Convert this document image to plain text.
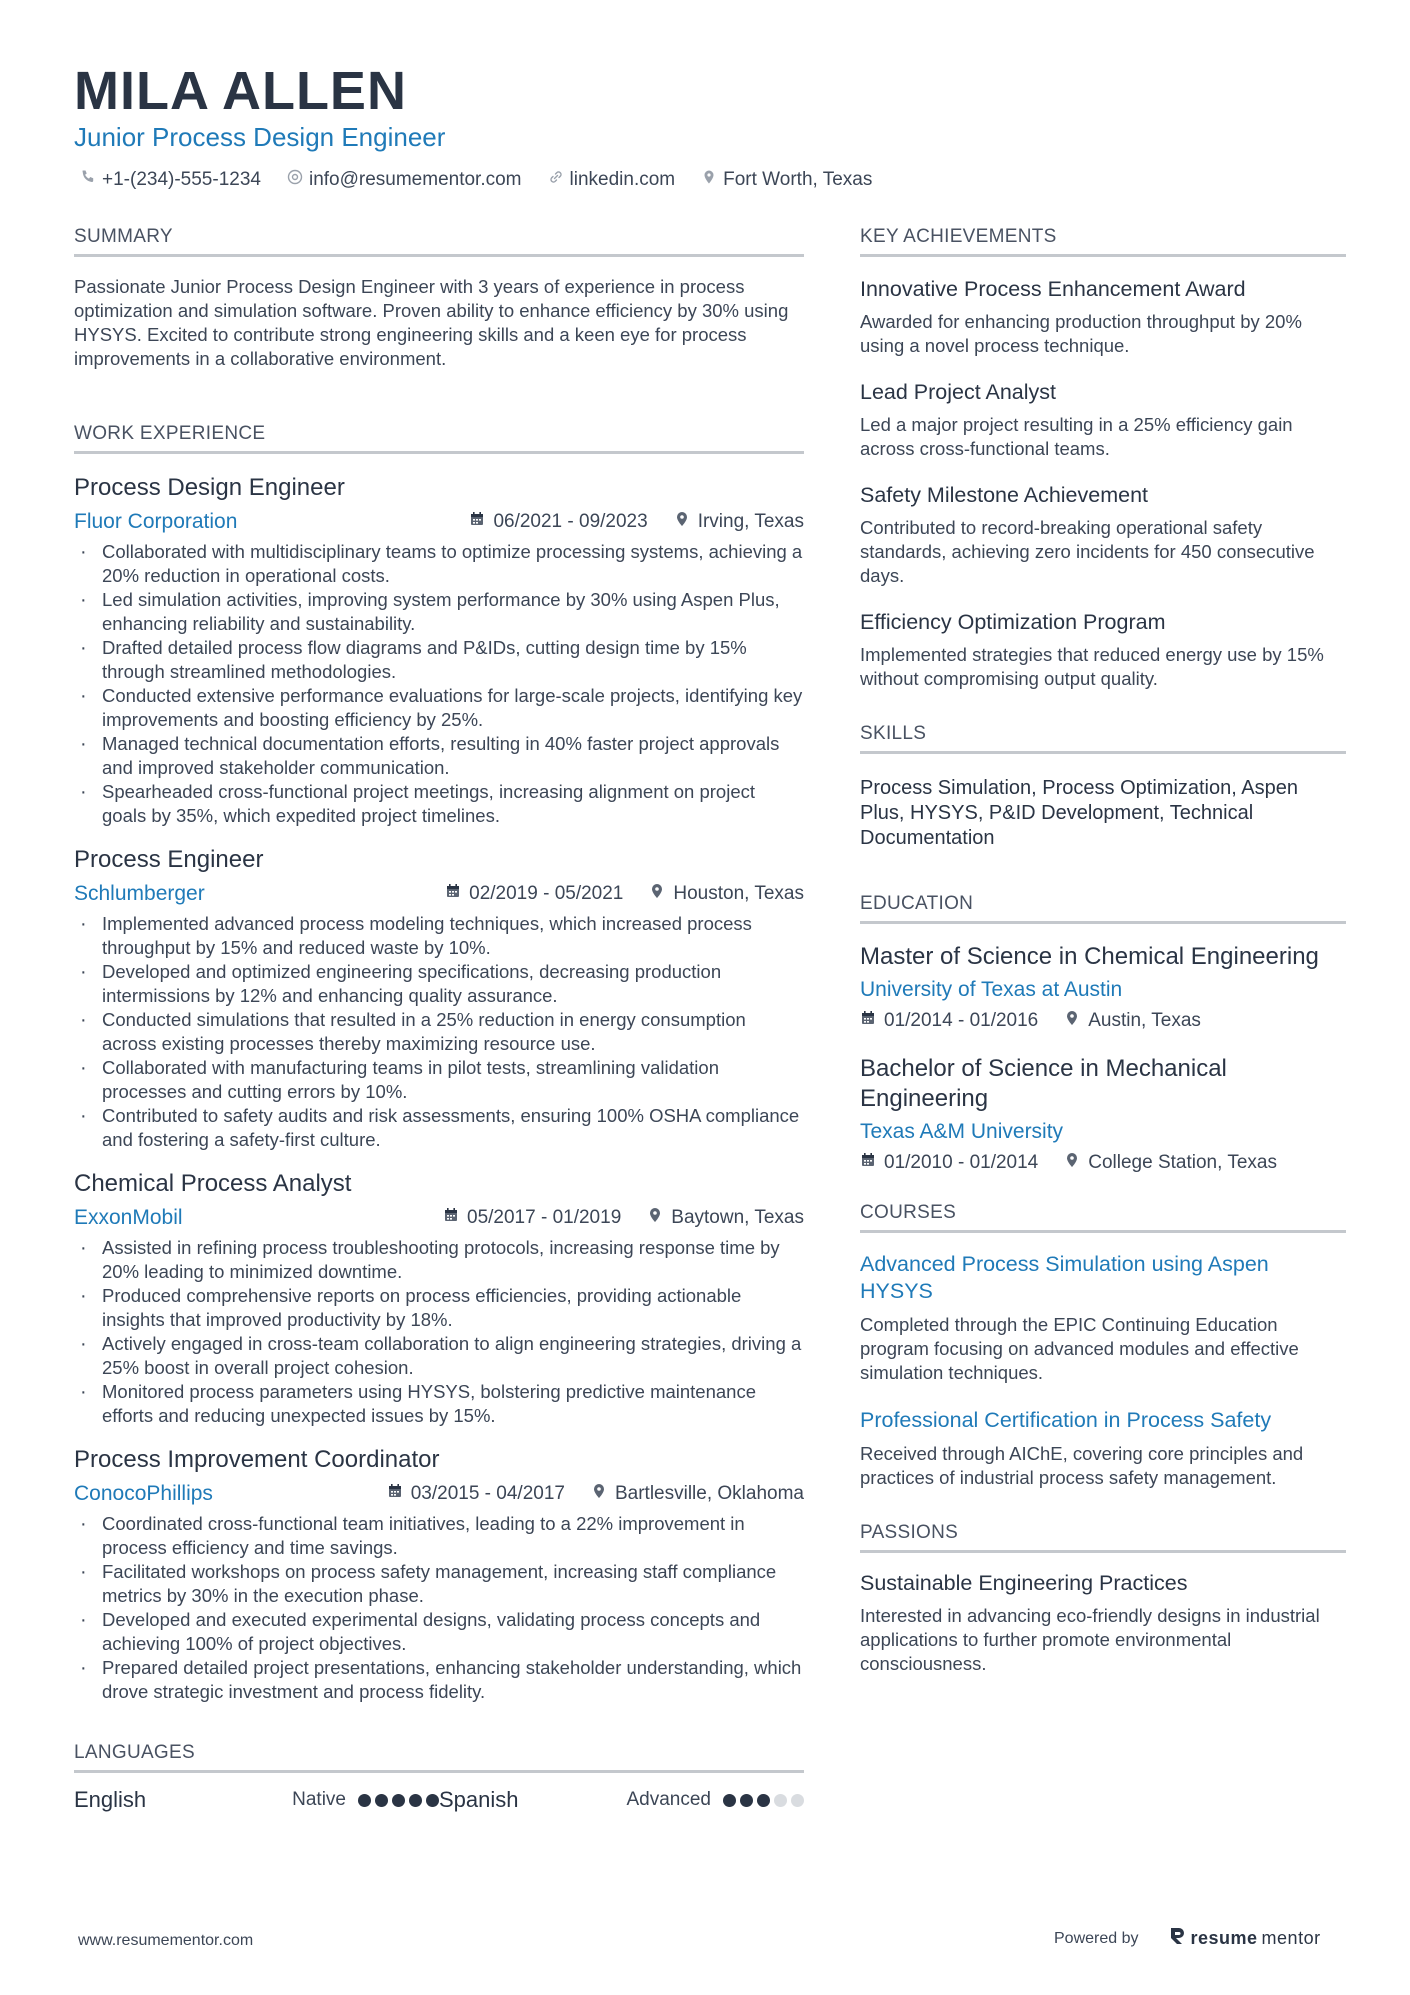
MILA ALLEN
Junior Process Design Engineer
+1-(234)-555-1234	info@resumementor.com	linkedin.com	Fort Worth, Texas
SUMMARY
Passionate Junior Process Design Engineer with 3 years of experience in process optimization and simulation software. Proven ability to enhance efficiency by 30% using HYSYS. Excited to contribute strong engineering skills and a keen eye for process improvements in a collaborative environment.
WORK EXPERIENCE
Process Design Engineer
Fluor Corporation	06/2021 - 09/2023	Irving, Texas
· Collaborated with multidisciplinary teams to optimize processing systems, achieving a 20% reduction in operational costs.
· Led simulation activities, improving system performance by 30% using Aspen Plus, enhancing reliability and sustainability.
· Drafted detailed process flow diagrams and P&IDs, cutting design time by 15% through streamlined methodologies.
· Conducted extensive performance evaluations for large-scale projects, identifying key improvements and boosting efficiency by 25%.
· Managed technical documentation efforts, resulting in 40% faster project approvals and improved stakeholder communication.
· Spearheaded cross-functional project meetings, increasing alignment on project goals by 35%, which expedited project timelines.
Process Engineer
Schlumberger	02/2019 - 05/2021	Houston, Texas
· Implemented advanced process modeling techniques, which increased process throughput by 15% and reduced waste by 10%.
· Developed and optimized engineering specifications, decreasing production intermissions by 12% and enhancing quality assurance.
· Conducted simulations that resulted in a 25% reduction in energy consumption across existing processes thereby maximizing resource use.
· Collaborated with manufacturing teams in pilot tests, streamlining validation processes and cutting errors by 10%.
· Contributed to safety audits and risk assessments, ensuring 100% OSHA compliance and fostering a safety-first culture.
Chemical Process Analyst
ExxonMobil	05/2017 - 01/2019	Baytown, Texas
· Assisted in refining process troubleshooting protocols, increasing response time by 20% leading to minimized downtime.
· Produced comprehensive reports on process efficiencies, providing actionable insights that improved productivity by 18%.
· Actively engaged in cross-team collaboration to align engineering strategies, driving a 25% boost in overall project cohesion.
· Monitored process parameters using HYSYS, bolstering predictive maintenance efforts and reducing unexpected issues by 15%.
Process Improvement Coordinator
ConocoPhillips	03/2015 - 04/2017	Bartlesville, Oklahoma
· Coordinated cross-functional team initiatives, leading to a 22% improvement in process efficiency and time savings.
· Facilitated workshops on process safety management, increasing staff compliance metrics by 30% in the execution phase.
· Developed and executed experimental designs, validating process concepts and achieving 100% of project objectives.
· Prepared detailed project presentations, enhancing stakeholder understanding, which drove strategic investment and process fidelity.
LANGUAGES
English	Native	Spanish	Advanced
KEY ACHIEVEMENTS
Innovative Process Enhancement Award
Awarded for enhancing production throughput by 20% using a novel process technique.
Lead Project Analyst
Led a major project resulting in a 25% efficiency gain across cross-functional teams.
Safety Milestone Achievement
Contributed to record-breaking operational safety standards, achieving zero incidents for 450 consecutive days.
Efficiency Optimization Program
Implemented strategies that reduced energy use by 15% without compromising output quality.
SKILLS
Process Simulation, Process Optimization, Aspen Plus, HYSYS, P&ID Development, Technical Documentation
EDUCATION
Master of Science in Chemical Engineering
University of Texas at Austin
01/2014 - 01/2016	Austin, Texas
Bachelor of Science in Mechanical Engineering
Texas A&M University
01/2010 - 01/2014	College Station, Texas
COURSES
Advanced Process Simulation using Aspen HYSYS
Completed through the EPIC Continuing Education program focusing on advanced modules and effective simulation techniques.
Professional Certification in Process Safety
Received through AIChE, covering core principles and practices of industrial process safety management.
PASSIONS
Sustainable Engineering Practices
Interested in advancing eco-friendly designs in industrial applications to further promote environmental consciousness.
www.resumementor.com	Powered by	resume mentor
